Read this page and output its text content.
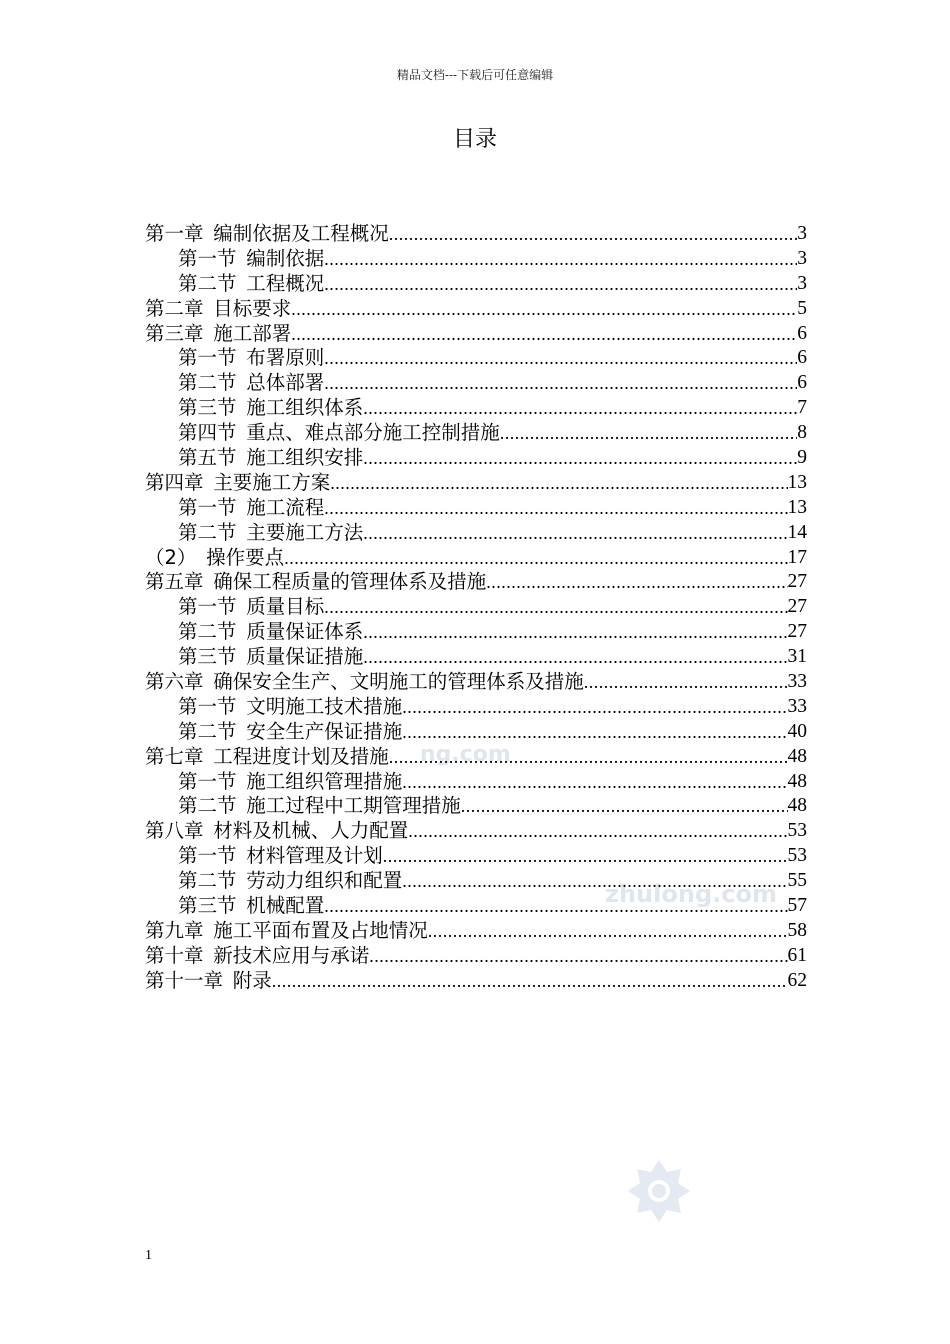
精品文档---下载后可任意编辑
目录
ng.com
zhulong.com
第一章 编制依据及工程概况 .....	3
第一节 编制依据 .....	3
第二节 工程概况 .....	3
第二章 目标要求 .....	5
第三章 施工部署 .....	6
第一节 布署原则 .....	6
第二节 总体部署 .....	6
第三节 施工组织体系 .....	7
第四节 重点、难点部分施工控制措施 .....	8
第五节 施工组织安排 .....	9
第四章 主要施工方案 .....	13
第一节 施工流程 .....	13
第二节 主要施工方法 .....	14
（2） 操作要点 .....	17
第五章 确保工程质量的管理体系及措施 .....	27
第一节 质量目标 .....	27
第二节 质量保证体系 .....	27
第三节 质量保证措施 .....	31
第六章 确保安全生产、文明施工的管理体系及措施 .....	33
第一节 文明施工技术措施 .....	33
第二节 安全生产保证措施 .....	40
第七章 工程进度计划及措施 .....	48
第一节 施工组织管理措施 .....	48
第二节 施工过程中工期管理措施 .....	48
第八章 材料及机械、人力配置 .....	53
第一节 材料管理及计划 .....	53
第二节 劳动力组织和配置 .....	55
第三节 机械配置 .....	57
第九章 施工平面布置及占地情况 .....	58
第十章 新技术应用与承诺 .....	61
第十一章 附录 .....	62
1
